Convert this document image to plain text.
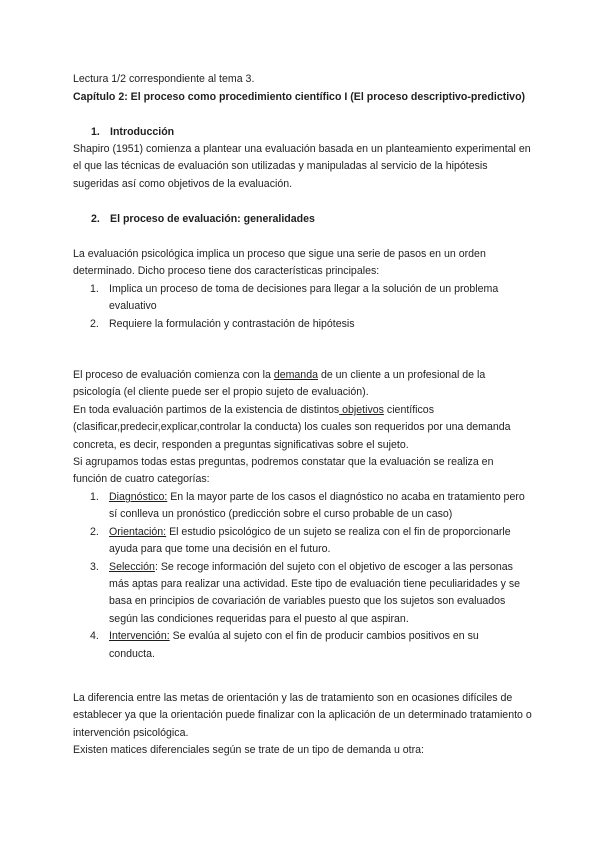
Lectura 1/2 correspondiente al tema 3.

Capítulo 2: El proceso como procedimiento científico I (El proceso descriptivo-predictivo)

1. Introducción

Shapiro (1951) comienza a plantear una evaluación basada en un planteamiento experimental en el que las técnicas de evaluación son utilizadas y manipuladas al servicio de la hipótesis sugeridas así como objetivos de la evaluación.

2. El proceso de evaluación: generalidades

La evaluación psicológica implica un proceso que sigue una serie de pasos en un orden determinado. Dicho proceso tiene dos características principales:

1. Implica un proceso de toma de decisiones para llegar a la solución de un problema evaluativo
2. Requiere la formulación y contrastación de hipótesis

El proceso de evaluación comienza con la demanda de un cliente a un profesional de la psicología (el cliente puede ser el propio sujeto de evaluación).

En toda evaluación partimos de la existencia de distintos objetivos científicos (clasificar,predecir,explicar,controlar la conducta) los cuales son requeridos por una demanda concreta, es decir, responden a preguntas significativas sobre el sujeto.

Si agrupamos todas estas preguntas, podremos constatar que la evaluación se realiza en función de cuatro categorías:

1. Diagnóstico: En la mayor parte de los casos el diagnóstico no acaba en tratamiento pero sí conlleva un pronóstico (predicción sobre el curso probable de un caso)
2. Orientación: El estudio psicológico de un sujeto se realiza con el fin de proporcionarle ayuda para que tome una decisión en el futuro.
3. Selección: Se recoge información del sujeto con el objetivo de escoger a las personas más aptas para realizar una actividad. Este tipo de evaluación tiene peculiaridades y se basa en principios de covariación de variables puesto que los sujetos son evaluados según las condiciones requeridas para el puesto al que aspiran.
4. Intervención: Se evalúa al sujeto con el fin de producir cambios positivos en su conducta.

La diferencia entre las metas de orientación y las de tratamiento son en ocasiones difíciles de establecer ya que la orientación puede finalizar con la aplicación de un determinado tratamiento o intervención psicológica.

Existen matices diferenciales según se trate de un tipo de demanda u otra:
